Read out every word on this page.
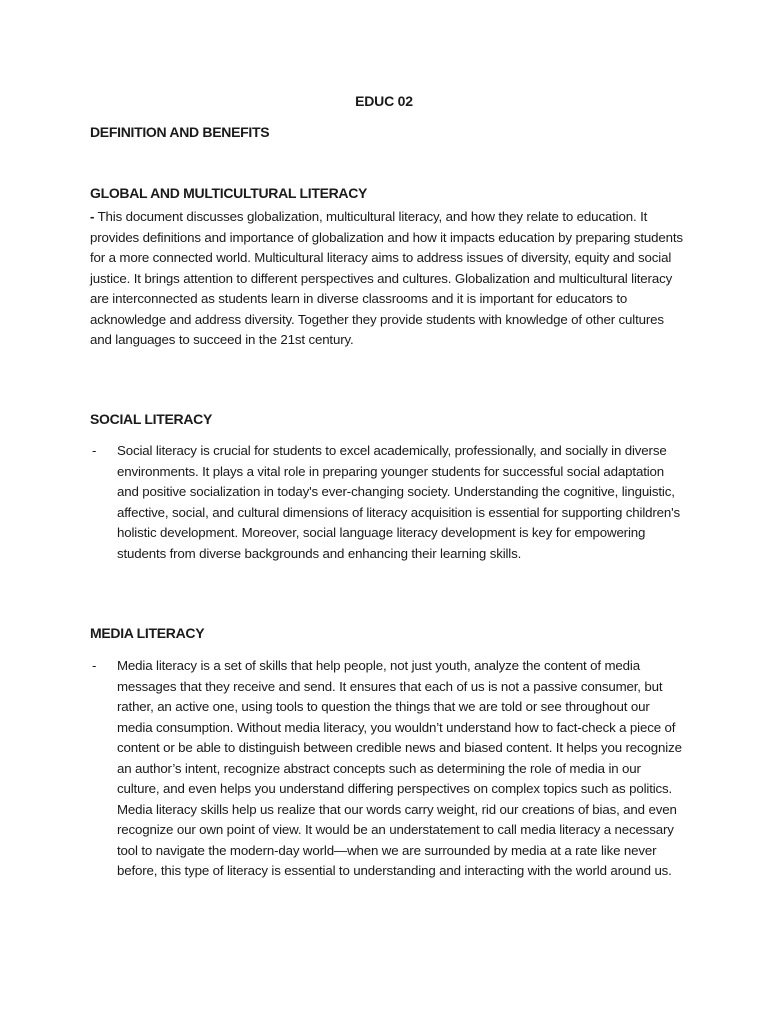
EDUC 02
DEFINITION AND BENEFITS
GLOBAL AND MULTICULTURAL LITERACY
- This document discusses globalization, multicultural literacy, and how they relate to education. It provides definitions and importance of globalization and how it impacts education by preparing students for a more connected world. Multicultural literacy aims to address issues of diversity, equity and social justice. It brings attention to different perspectives and cultures. Globalization and multicultural literacy are interconnected as students learn in diverse classrooms and it is important for educators to acknowledge and address diversity. Together they provide students with knowledge of other cultures and languages to succeed in the 21st century.
SOCIAL LITERACY
- Social literacy is crucial for students to excel academically, professionally, and socially in diverse environments. It plays a vital role in preparing younger students for successful social adaptation and positive socialization in today's ever-changing society. Understanding the cognitive, linguistic, affective, social, and cultural dimensions of literacy acquisition is essential for supporting children's holistic development. Moreover, social language literacy development is key for empowering students from diverse backgrounds and enhancing their learning skills.
MEDIA LITERACY
- Media literacy is a set of skills that help people, not just youth, analyze the content of media messages that they receive and send. It ensures that each of us is not a passive consumer, but rather, an active one, using tools to question the things that we are told or see throughout our media consumption. Without media literacy, you wouldn’t understand how to fact-check a piece of content or be able to distinguish between credible news and biased content. It helps you recognize an author’s intent, recognize abstract concepts such as determining the role of media in our culture, and even helps you understand differing perspectives on complex topics such as politics. Media literacy skills help us realize that our words carry weight, rid our creations of bias, and even recognize our own point of view. It would be an understatement to call media literacy a necessary tool to navigate the modern-day world—when we are surrounded by media at a rate like never before, this type of literacy is essential to understanding and interacting with the world around us.
